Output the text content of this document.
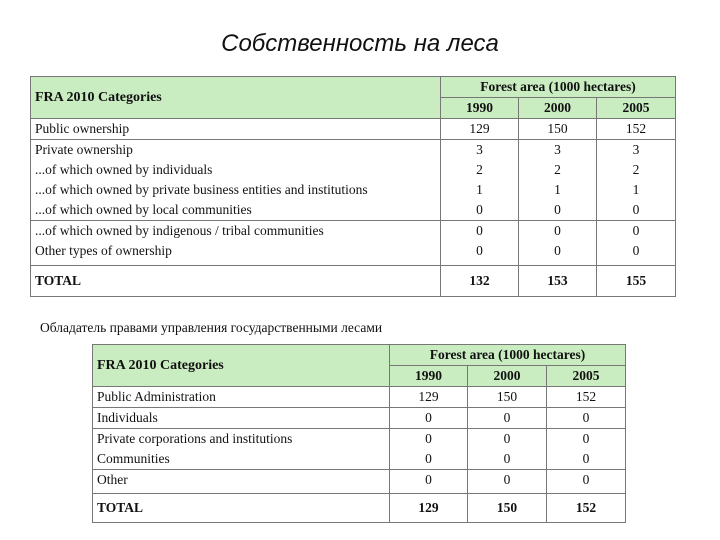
Собственность на леса
FRA 2010 Categories	Forest area (1000 hectares)		
	1990	2000	2005
Public ownership	129	150	152
Private ownership	3	3	3
...of which owned by individuals	2	2	2
...of which owned by private business entities and institutions	1	1	1
...of which owned by local communities	0	0	0
...of which owned by indigenous / tribal communities	0	0	0
Other types of ownership	0	0	0

TOTAL	132	153	155
Обладатель правами управления государственными лесами
FRA 2010 Categories	Forest area (1000 hectares)		
	1990	2000	2005
Public Administration	129	150	152
Individuals	0	0	0
Private corporations and institutions	0	0	0
Communities	0	0	0
Other	0	0	0

TOTAL	129	150	152
